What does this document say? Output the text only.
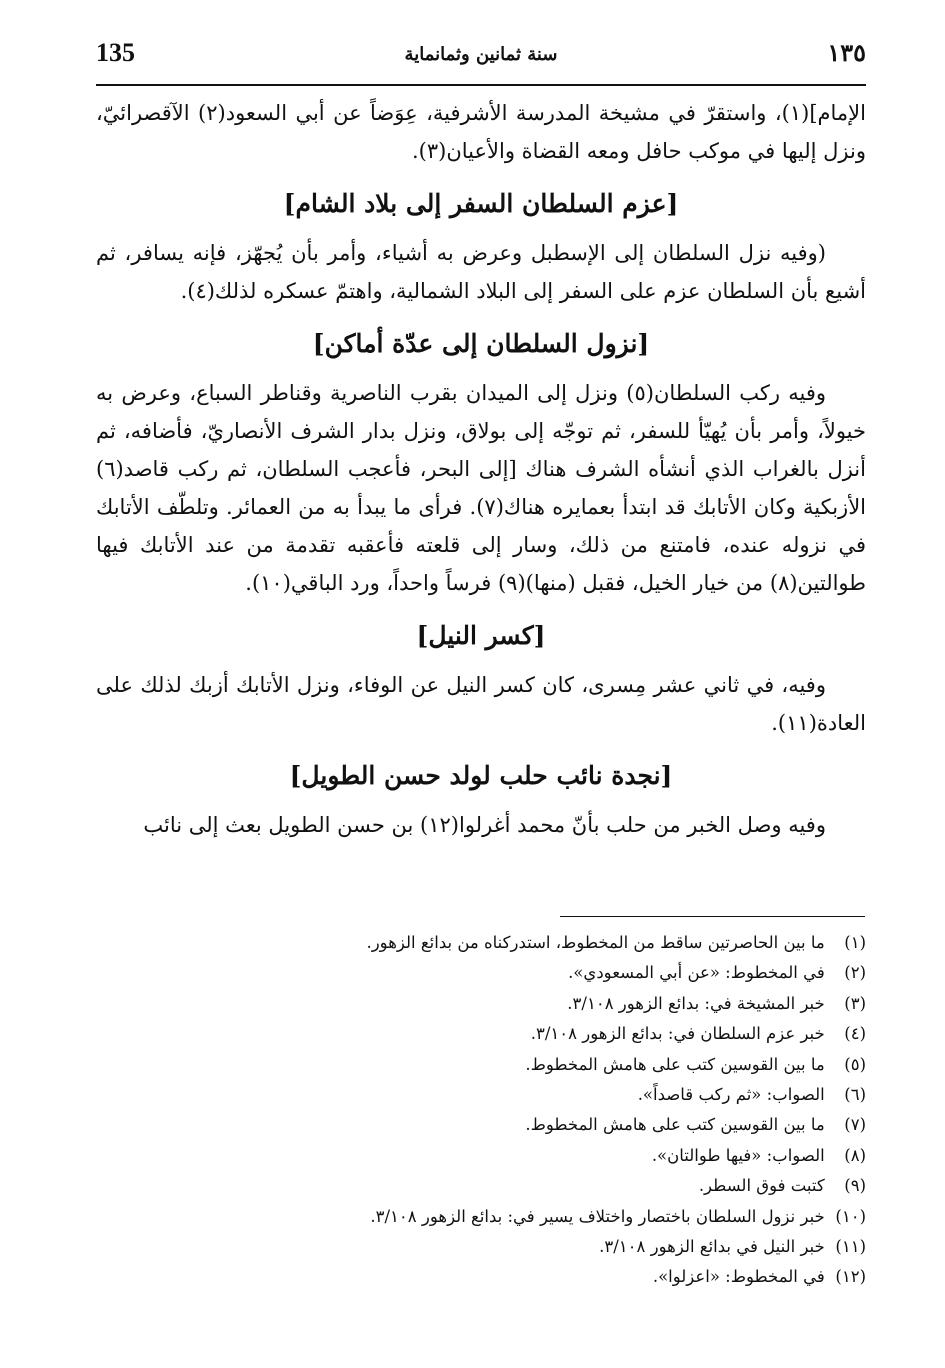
135	سنة ثمانين وثمانماية	١٣٥

الإمام](١)، واستقرّ في مشيخة المدرسة الأشرفية، عِوَضاً عن أبي السعود(٢) الآقصرائيّ، ونزل إليها في موكب حافل ومعه القضاة والأعيان(٣).

[عزم السلطان السفر إلى بلاد الشام]

(وفيه نزل السلطان إلى الإسطبل وعرض به أشياء، وأمر بأن يُجهّز، فإنه يسافر، ثم أشيع بأن السلطان عزم على السفر إلى البلاد الشمالية، واهتمّ عسكره لذلك(٤).

[نزول السلطان إلى عدّة أماكن]

وفيه ركب السلطان(٥) ونزل إلى الميدان بقرب الناصرية وقناطر السباع، وعرض به خيولاً، وأمر بأن يُهيّأ للسفر، ثم توجّه إلى بولاق، ونزل بدار الشرف الأنصاريّ، فأضافه، ثم أنزل بالغراب الذي أنشأه الشرف هناك [إلى البحر، فأعجب السلطان، ثم ركب قاصد(٦) الأزبكية وكان الأتابك قد ابتدأ بعمايره هناك(٧). فرأى ما يبدأ به من العمائر. وتلطّف الأتابك في نزوله عنده، فامتنع من ذلك، وسار إلى قلعته فأعقبه تقدمة من عند الأتابك فيها طوالتين(٨) من خيار الخيل، فقبل (منها)(٩) فرساً واحداً، ورد الباقي(١٠).

[كسر النيل]

وفيه، في ثاني عشر مِسرى، كان كسر النيل عن الوفاء، ونزل الأتابك أزبك لذلك على العادة(١١).

[نجدة نائب حلب لولد حسن الطويل]

وفيه وصل الخبر من حلب بأنّ محمد أغرلوا(١٢) بن حسن الطويل بعث إلى نائب

(١) ما بين الحاصرتين ساقط من المخطوط، استدركناه من بدائع الزهور.
(٢) في المخطوط: «عن أبي المسعودي».
(٣) خبر المشيخة في: بدائع الزهور ٣/١٠٨.
(٤) خبر عزم السلطان في: بدائع الزهور ٣/١٠٨.
(٥) ما بين القوسين كتب على هامش المخطوط.
(٦) الصواب: «ثم ركب قاصداً».
(٧) ما بين القوسين كتب على هامش المخطوط.
(٨) الصواب: «فيها طوالتان».
(٩) كتبت فوق السطر.
(١٠) خبر نزول السلطان باختصار واختلاف يسير في: بدائع الزهور ٣/١٠٨.
(١١) خبر النيل في بدائع الزهور ٣/١٠٨.
(١٢) في المخطوط: «اعزلوا».
